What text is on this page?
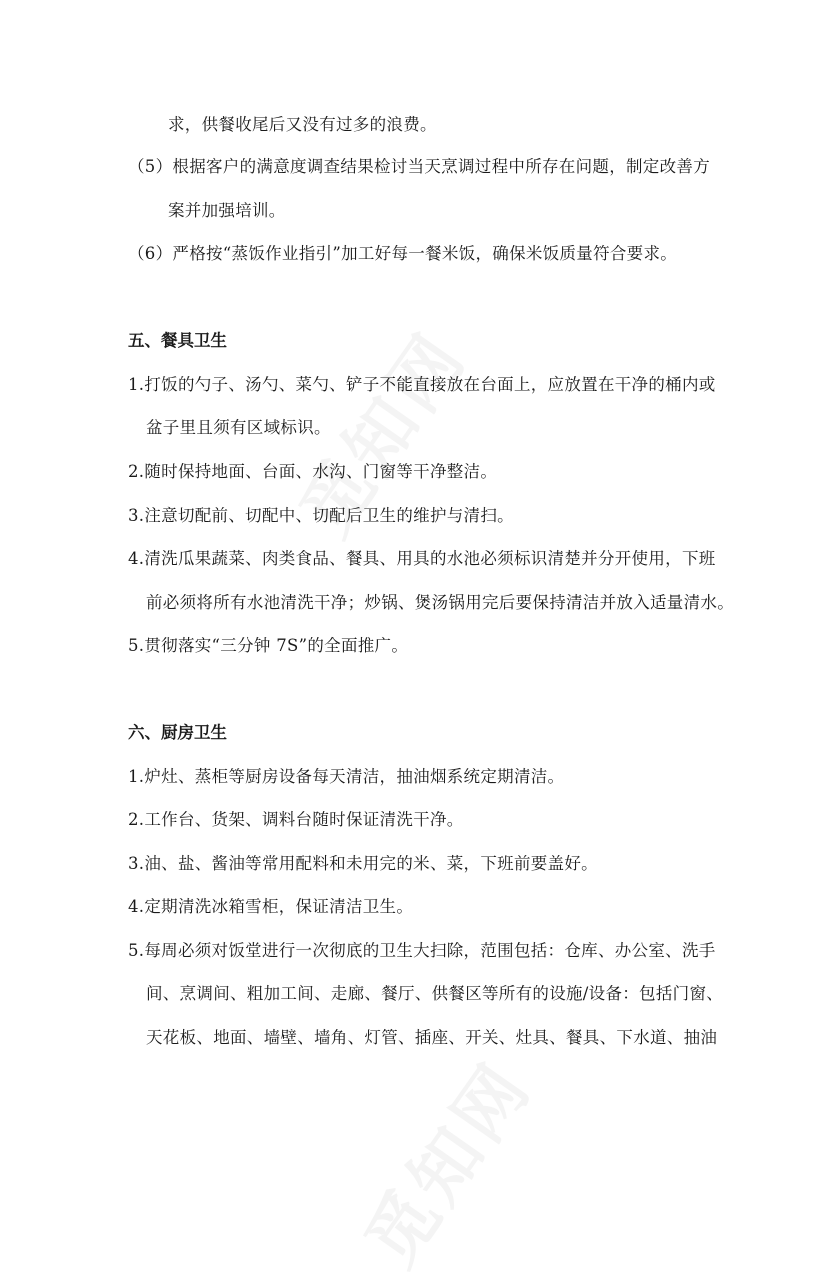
求，供餐收尾后又没有过多的浪费。
（5）根据客户的满意度调查结果检讨当天烹调过程中所存在问题，制定改善方
案并加强培训。
（6）严格按“蒸饭作业指引”加工好每一餐米饭，确保米饭质量符合要求。
五、餐具卫生
1.打饭的勺子、汤勺、菜勺、铲子不能直接放在台面上，应放置在干净的桶内或
盆子里且须有区域标识。
2.随时保持地面、台面、水沟、门窗等干净整洁。
3.注意切配前、切配中、切配后卫生的维护与清扫。
4.清洗瓜果蔬菜、肉类食品、餐具、用具的水池必须标识清楚并分开使用，下班
前必须将所有水池清洗干净；炒锅、煲汤锅用完后要保持清洁并放入适量清水。
5.贯彻落实“三分钟 7S”的全面推广。
六、厨房卫生
1.炉灶、蒸柜等厨房设备每天清洁，抽油烟系统定期清洁。
2.工作台、货架、调料台随时保证清洗干净。
3.油、盐、酱油等常用配料和未用完的米、菜，下班前要盖好。
4.定期清洗冰箱雪柜，保证清洁卫生。
5.每周必须对饭堂进行一次彻底的卫生大扫除，范围包括：仓库、办公室、洗手
间、烹调间、粗加工间、走廊、餐厅、供餐区等所有的设施/设备：包括门窗、
天花板、地面、墙壁、墙角、灯管、插座、开关、灶具、餐具、下水道、抽油
